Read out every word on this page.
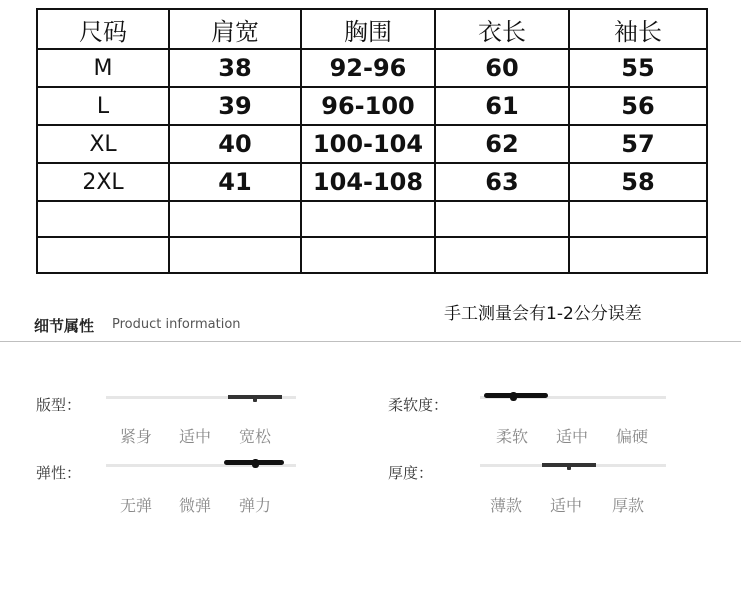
尺码	肩宽	胸围	衣长	袖长
M	38	92-96	60	55
L	39	96-100	61	56
XL	40	100-104	62	57
2XL	41	104-108	63	58

手工测量会有1-2公分误差
细节属性 Product information
版型：
紧身	适中	宽松
柔软度：
柔软	适中	偏硬
弹性：
无弹	微弹	弹力
厚度：
薄款	适中	厚款
